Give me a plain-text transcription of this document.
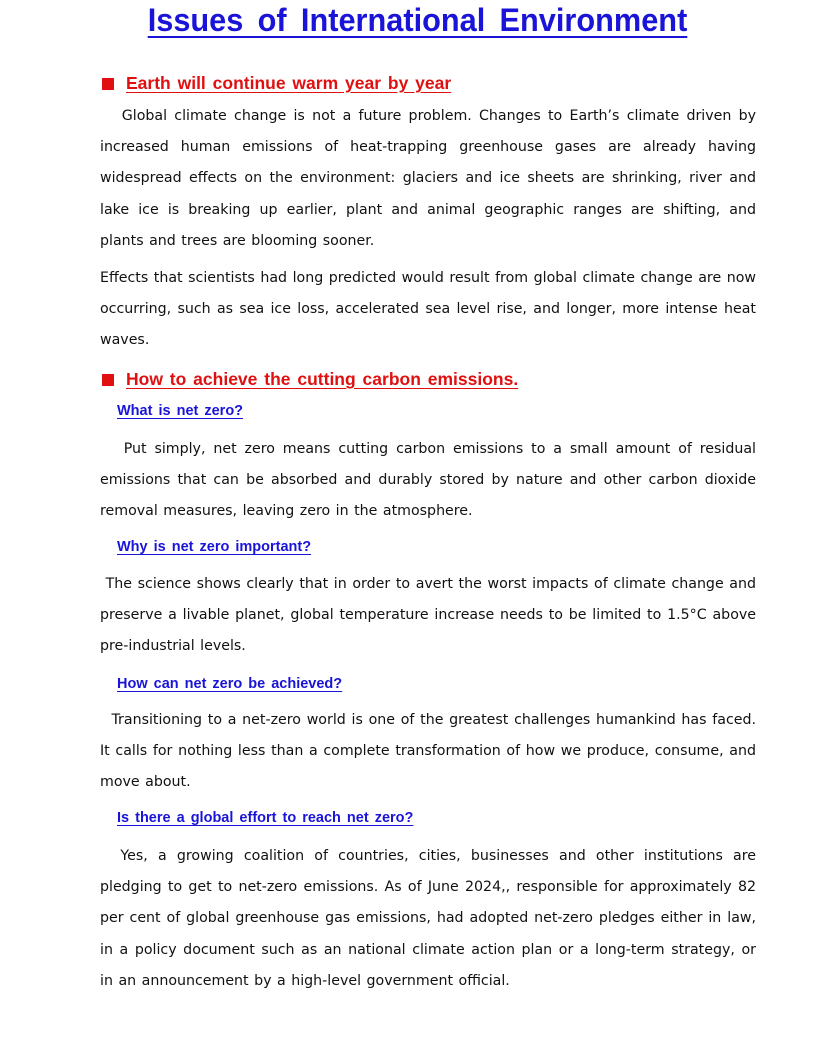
Issues of International Environment
Earth will continue warm year by year

Global climate change is not a future problem. Changes to Earth’s climate driven by increased human emissions of heat-trapping greenhouse gases are already having widespread effects on the environment: glaciers and ice sheets are shrinking, river and lake ice is breaking up earlier, plant and animal geographic ranges are shifting, and plants and trees are blooming sooner.

Effects that scientists had long predicted would result from global climate change are now occurring, such as sea ice loss, accelerated sea level rise, and longer, more intense heat waves.

How to achieve the cutting carbon emissions.
What is net zero?

Put simply, net zero means cutting carbon emissions to a small amount of residual emissions that can be absorbed and durably stored by nature and other carbon dioxide removal measures, leaving zero in the atmosphere.

Why is net zero important?

The science shows clearly that in order to avert the worst impacts of climate change and preserve a livable planet, global temperature increase needs to be limited to 1.5°C above pre-industrial levels.

How can net zero be achieved?

Transitioning to a net-zero world is one of the greatest challenges humankind has faced. It calls for nothing less than a complete transformation of how we produce, consume, and move about.

Is there a global effort to reach net zero?

Yes, a growing coalition of countries, cities, businesses and other institutions are pledging to get to net-zero emissions. As of June 2024,, responsible for approximately 82 per cent of global greenhouse gas emissions, had adopted net-zero pledges either in law, in a policy document such as an national climate action plan or a long-term strategy, or in an announcement by a high-level government official.
